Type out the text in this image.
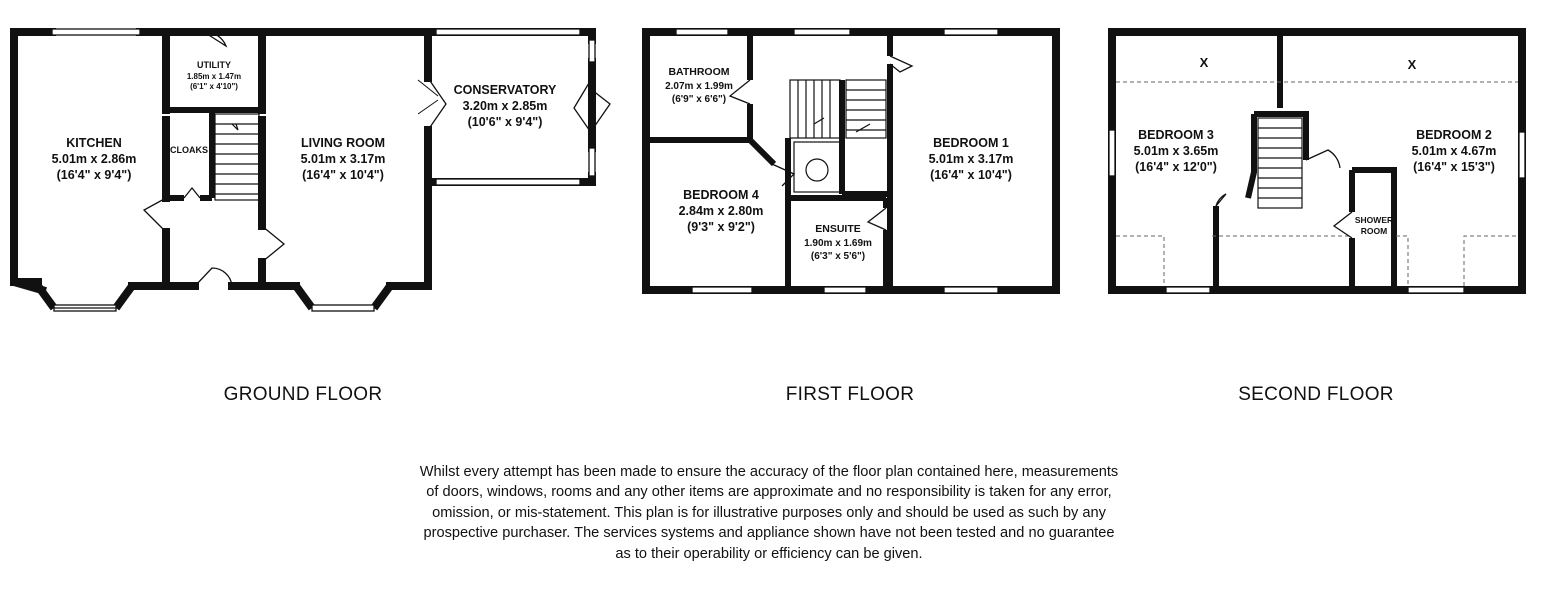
KITCHEN
5.01m x 2.86m
(16'4" x 9'4")
UTILITY
1.85m x 1.47m
(6'1" x 4'10")
CLOAKS	LIVING ROOM
5.01m x 3.17m
(16'4" x 10'4")
CONSERVATORY
3.20m x 2.85m
(10'6" x 9'4")
BATHROOM
2.07m x 1.99m
(6'9" x 6'6")
BEDROOM 1
5.01m x 3.17m
(16'4" x 10'4")
BEDROOM 4
2.84m x 2.80m
(9'3" x 9'2")	ENSUITE
1.90m x 1.69m
(6'3" x 5'6")
BEDROOM 3
5.01m x 3.65m
(16'4" x 12'0")
BEDROOM 2
5.01m x 4.67m
(16'4" x 15'3")
SHOWER
ROOM
X	X
GROUND FLOOR	FIRST FLOOR	SECOND FLOOR
Whilst every attempt has been made to ensure the accuracy of the floor plan contained here, measurements
of doors, windows, rooms and any other items are approximate and no responsibility is taken for any error,
omission, or mis-statement. This plan is for illustrative purposes only and should be used as such by any
prospective purchaser. The services systems and appliance shown have not been tested and no guarantee
as to their operability or efficiency can be given.
